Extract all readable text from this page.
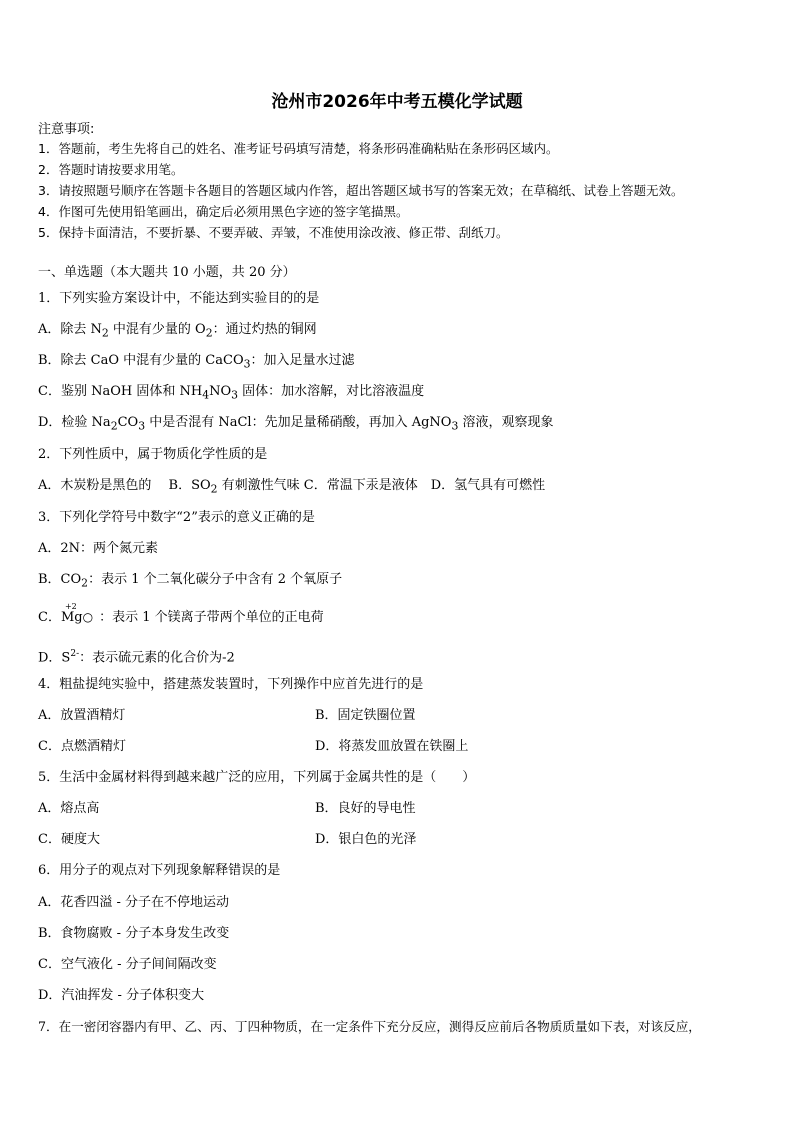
沧州市2026年中考五模化学试题
注意事项:
1．答题前，考生先将自己的姓名、准考证号码填写清楚，将条形码准确粘贴在条形码区域内。
2．答题时请按要求用笔。
3．请按照题号顺序在答题卡各题目的答题区域内作答，超出答题区域书写的答案无效；在草稿纸、试卷上答题无效。
4．作图可先使用铅笔画出，确定后必须用黑色字迹的签字笔描黑。
5．保持卡面清洁，不要折暴、不要弄破、弄皱，不准使用涂改液、修正带、刮纸刀。
一、单选题（本大题共 10 小题，共 20 分）
1．下列实验方案设计中，不能达到实验目的的是
A．除去 $N_2$ 中混有少量的 $O_2$：通过灼热的铜网
B．除去 CaO 中混有少量的 CaCO$_3$：加入足量水过滤
C．鉴别 NaOH 固体和 $NH_4NO_3$ 固体：加水溶解，对比溶液温度
D．检验 $Na_2CO_3$ 中是否混有 NaCl：先加足量稀硝酸，再加入 AgNO$_3$ 溶液，观察现象
2．下列性质中，属于物质化学性质的是
A．木炭粉是黑色的　 B．$SO_2$ 有刺激性气味 C．常温下汞是液体　D．氢气具有可燃性
3．下列化学符号中数字“2”表示的意义正确的是
A．2N：两个氮元素
B．$CO_2$：表示 1 个二氧化碳分子中含有 2 个氧原子
C．
+2
Mg○ ：表示 1 个镁离子带两个单位的正电荷
D．$S^{2-}$：表示硫元素的化合价为-2
4．粗盐提纯实验中，搭建蒸发装置时，下列操作中应首先进行的是
A．放置酒精灯	B．固定铁圈位置
C．点燃酒精灯	D．将蒸发皿放置在铁圈上
5．生活中金属材料得到越来越广泛的应用，下列属于金属共性的是（　　）
A．熔点高	B．良好的导电性
C．硬度大	D．银白色的光泽
6．用分子的观点对下列现象解释错误的是
A．花香四溢 - 分子在不停地运动
B．食物腐败 - 分子本身发生改变
C．空气液化 - 分子间间隔改变
D．汽油挥发 - 分子体积变大
7．在一密闭容器内有甲、乙、丙、丁四种物质，在一定条件下充分反应，测得反应前后各物质质量如下表，对该反应，
